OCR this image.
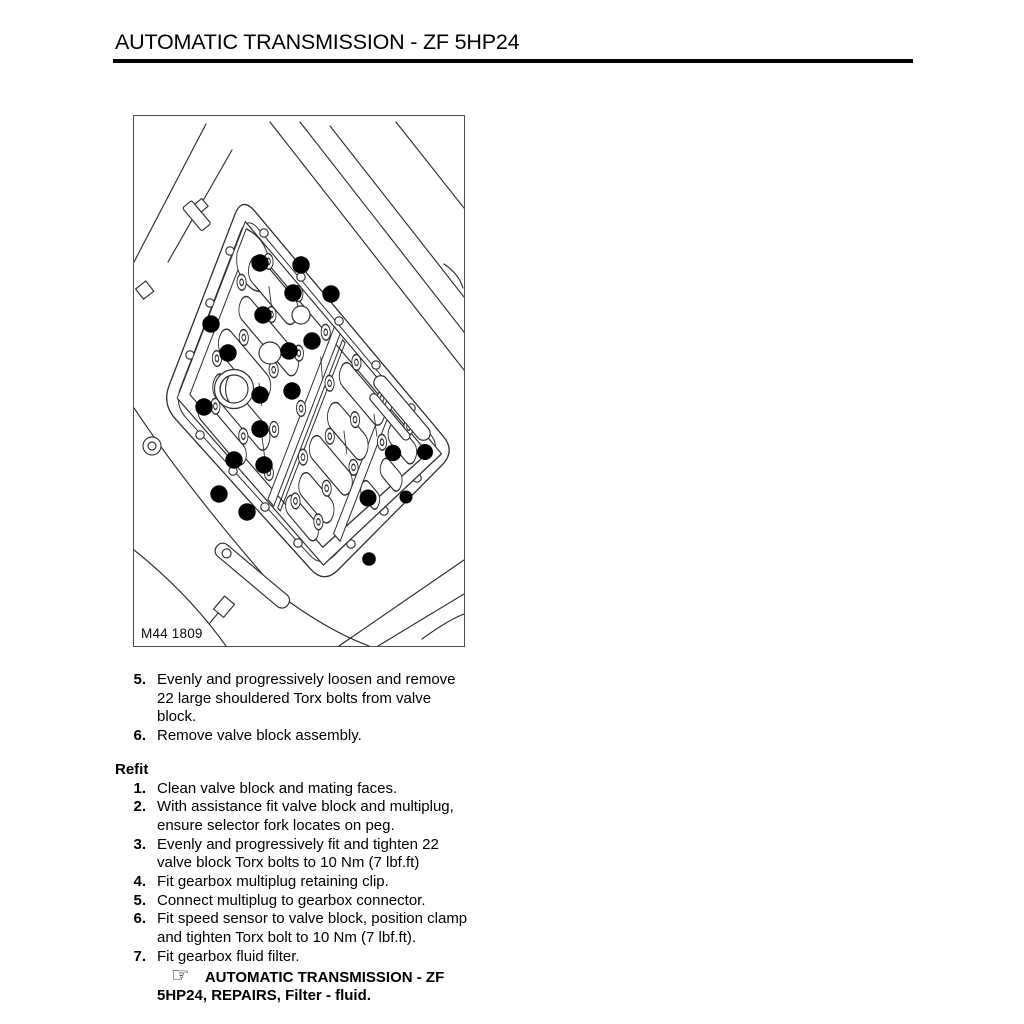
AUTOMATIC TRANSMISSION - ZF 5HP24
M44 1809
5. Evenly and progressively loosen and remove 22 large shouldered Torx bolts from valve block.
6. Remove valve block assembly.
Refit
1. Clean valve block and mating faces.
2. With assistance fit valve block and multiplug, ensure selector fork locates on peg.
3. Evenly and progressively fit and tighten 22 valve block Torx bolts to 10 Nm (7 lbf.ft)
4. Fit gearbox multiplug retaining clip.
5. Connect multiplug to gearbox connector.
6. Fit speed sensor to valve block, position clamp and tighten Torx bolt to 10 Nm (7 lbf.ft).
7. Fit gearbox fluid filter.

☞ AUTOMATIC TRANSMISSION - ZF 5HP24, REPAIRS, Filter - fluid.
